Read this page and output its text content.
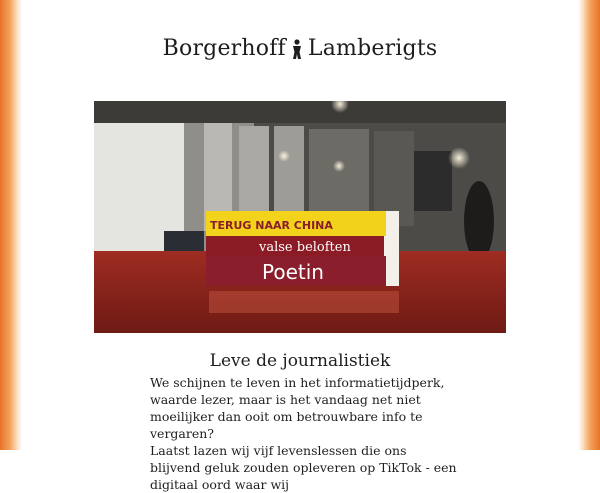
Borgerhoff Lamberigts
TERUG NAAR CHINA
valse beloften
Poetin
Leve de journalistiek

We schijnen te leven in het informatietijdperk, waarde lezer, maar is het vandaag net niet moeilijker dan ooit om betrouwbare info te vergaren?

Laatst lazen wij vijf levenslessen die ons blijvend geluk zouden opleveren op TikTok - een digitaal oord waar wij
